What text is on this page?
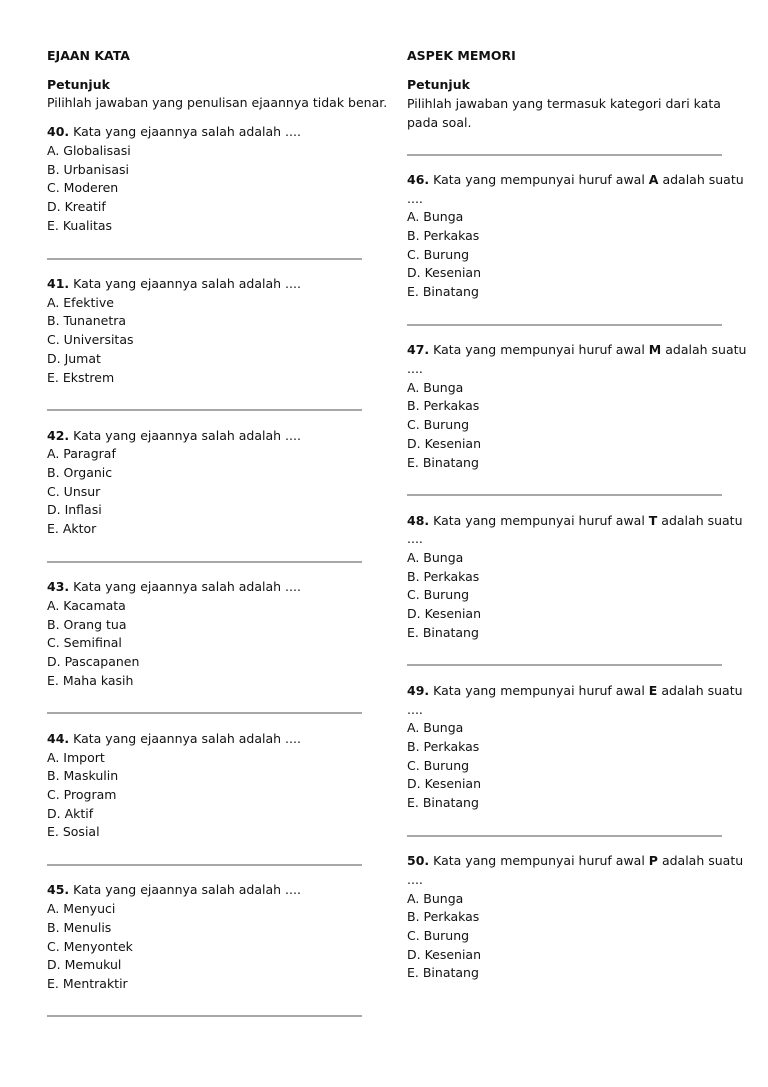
EJAAN KATA
Petunjuk
Pilihlah jawaban yang penulisan ejaannya tidak benar.
40. Kata yang ejaannya salah adalah ....
A. Globalisasi
B. Urbanisasi
C. Moderen
D. Kreatif
E. Kualitas
41. Kata yang ejaannya salah adalah ....
A. Efektive
B. Tunanetra
C. Universitas
D. Jumat
E. Ekstrem
42. Kata yang ejaannya salah adalah ....
A. Paragraf
B. Organic
C. Unsur
D. Inflasi
E. Aktor
43. Kata yang ejaannya salah adalah ....
A. Kacamata
B. Orang tua
C. Semifinal
D. Pascapanen
E. Maha kasih
44. Kata yang ejaannya salah adalah ....
A. Import
B. Maskulin
C. Program
D. Aktif
E. Sosial
45. Kata yang ejaannya salah adalah ....
A. Menyuci
B. Menulis
C. Menyontek
D. Memukul
E. Mentraktir
ASPEK MEMORI
Petunjuk
Pilihlah jawaban yang termasuk kategori dari kata pada soal.
46. Kata yang mempunyai huruf awal A adalah suatu
....
A. Bunga
B. Perkakas
C. Burung
D. Kesenian
E. Binatang
47. Kata yang mempunyai huruf awal M adalah suatu
....
A. Bunga
B. Perkakas
C. Burung
D. Kesenian
E. Binatang
48. Kata yang mempunyai huruf awal T adalah suatu
....
A. Bunga
B. Perkakas
C. Burung
D. Kesenian
E. Binatang
49. Kata yang mempunyai huruf awal E adalah suatu
....
A. Bunga
B. Perkakas
C. Burung
D. Kesenian
E. Binatang
50. Kata yang mempunyai huruf awal P adalah suatu
....
A. Bunga
B. Perkakas
C. Burung
D. Kesenian
E. Binatang
